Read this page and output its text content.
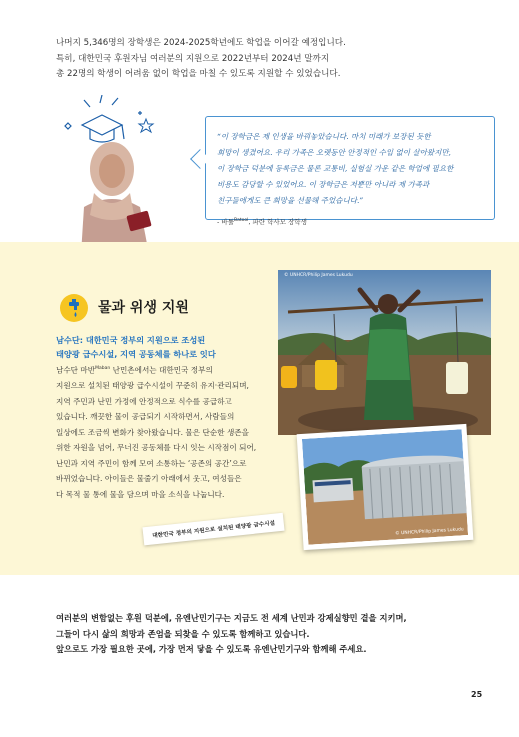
나머지 5,346명의 장학생은 2024-2025학년에도 학업을 이어갈 예정입니다.

특히, 대한민국 후원자님 여러분의 지원으로 2022년부터 2024년 말까지

총 22명의 학생이 어려움 없이 학업을 마칠 수 있도록 지원할 수 있었습니다.

“이 장학금은 제 인생을 바꿔놓았습니다. 마치 미래가 보장된 듯한
희망이 생겼어요. 우리 가족은 오랫동안 안정적인 수입 없이 살아왔지만,
이 장학금 덕분에 등록금은 물론 교통비, 실험실 가운 같은 학업에 필요한
비용도 감당할 수 있었어요. 이 장학금은 저뿐만 아니라 제 가족과
친구들에게도 큰 희망을 선물해 주었습니다.”
- 바툴$^{Batool}$, 파란 학사모 장학생
물과 위생 지원
남수단: 대한민국 정부의 지원으로 조성된
태양광 급수시설, 지역 공동체를 하나로 잇다
남수단 마반$^{Maban}$ 난민촌에서는 대한민국 정부의
지원으로 설치된 태양광 급수시설이 꾸준히 유지·관리되며,
지역 주민과 난민 가정에 안정적으로 식수를 공급하고
있습니다. 깨끗한 물이 공급되기 시작하면서, 사람들의
일상에도 조금씩 변화가 찾아왔습니다. 물은 단순한 생존을
위한 자원을 넘어, 무너진 공동체를 다시 잇는 시작점이 되어,
난민과 지역 주민이 함께 모여 소통하는 ‘공존의 공간’으로
바뀌었습니다. 아이들은 물줄기 아래에서 웃고, 여성들은
다 목적 물 통에 물을 담으며 마을 소식을 나눕니다.
© UNHCR/Philip James Lukudu
© UNHCR/Philip James Lukudu
대한민국 정부의 지원으로 설치된 태양광 급수시설
여러분의 변함없는 후원 덕분에, 유엔난민기구는 지금도 전 세계 난민과 강제실향민 곁을 지키며,
그들이 다시 삶의 희망과 존엄을 되찾을 수 있도록 함께하고 있습니다.
앞으로도 가장 필요한 곳에, 가장 먼저 닿을 수 있도록 유엔난민기구와 함께해 주세요.
25
